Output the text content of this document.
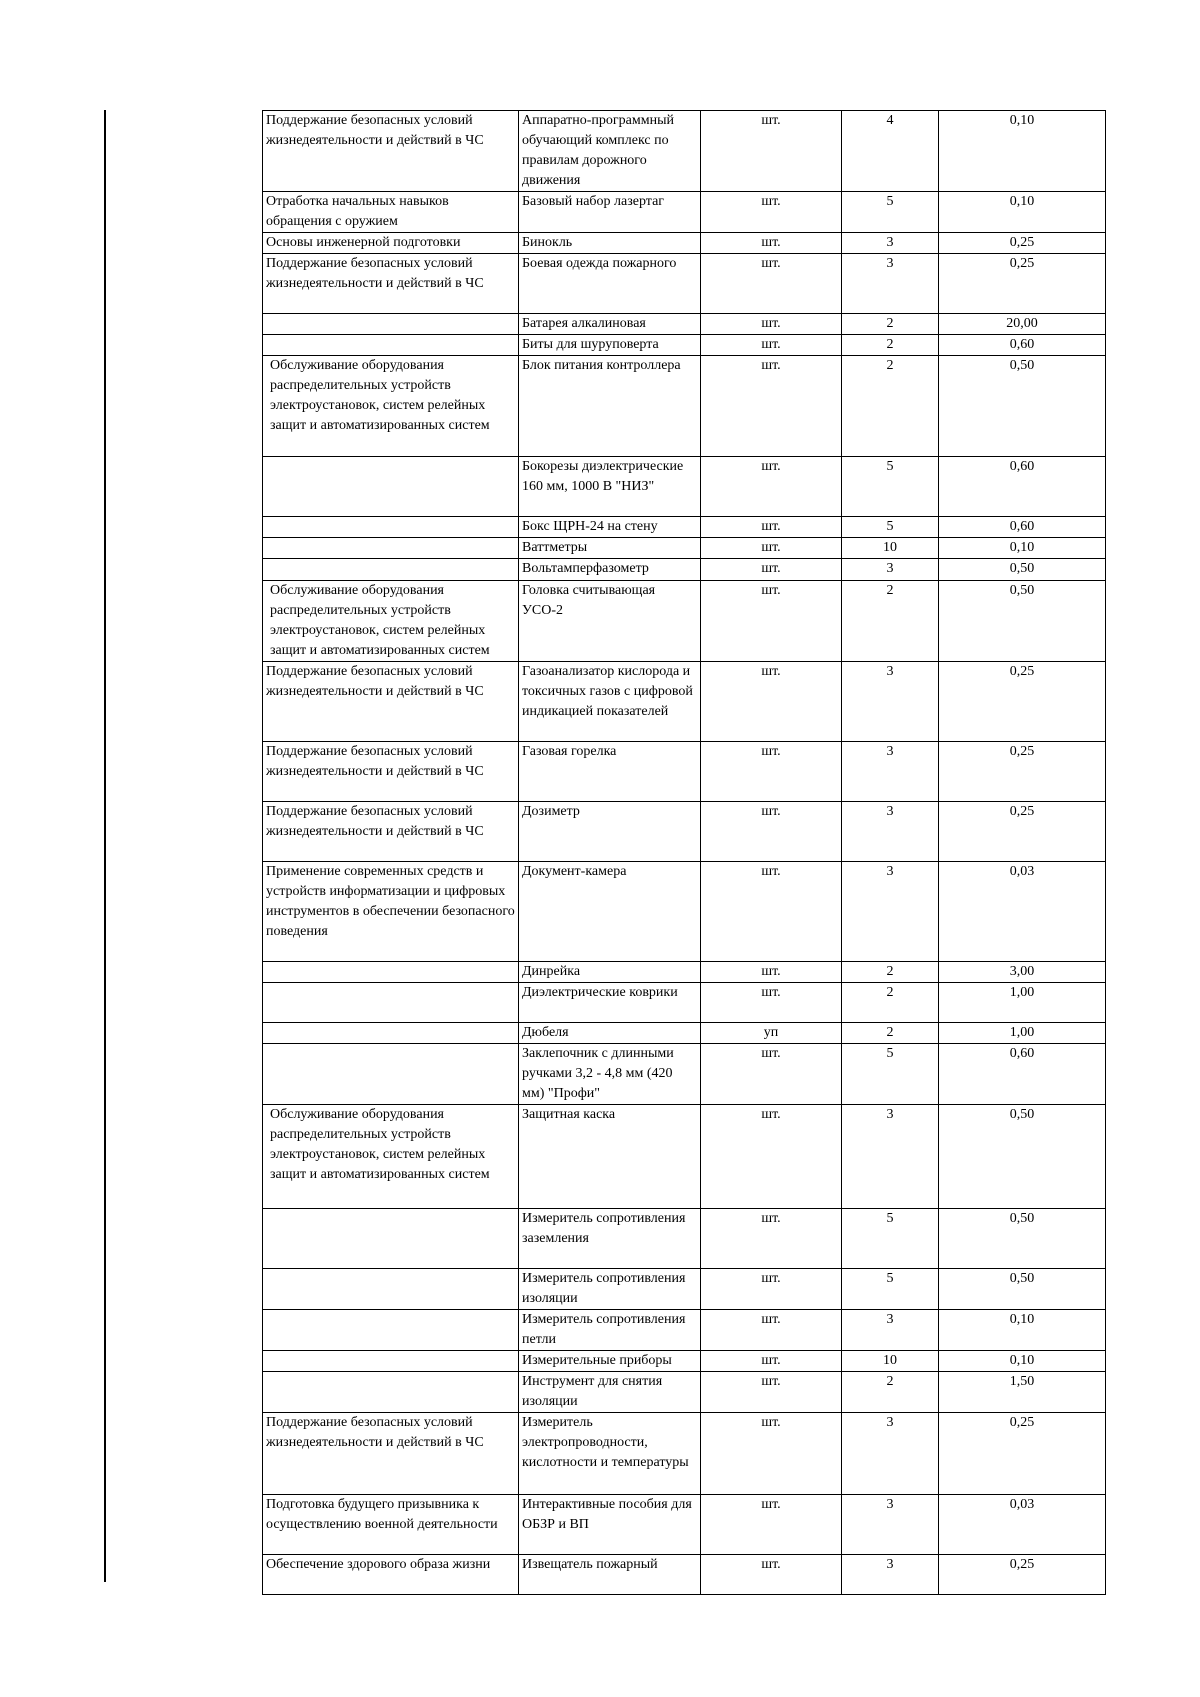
Поддержание безопасных условий жизнедеятельности и действий в ЧС	Аппаратно-программный обучающий комплекс по правилам дорожного движения	шт.	4	0,10
Отработка начальных навыков обращения с оружием	Базовый набор лазертаг	шт.	5	0,10
Основы инженерной подготовки	Бинокль	шт.	3	0,25
Поддержание безопасных условий жизнедеятельности и действий в ЧС	Боевая одежда пожарного	шт.	3	0,25
	Батарея алкалиновая	шт.	2	20,00
	Биты для шуруповерта	шт.	2	0,60
Обслуживание оборудования распределительных устройств электроустановок, систем релейных защит и автоматизированных систем	Блок питания контроллера	шт.	2	0,50
	Бокорезы диэлектрические 160 мм, 1000 В "НИЗ"	шт.	5	0,60
	Бокс ЩРН-24 на стену	шт.	5	0,60
	Ваттметры	шт.	10	0,10
	Вольтамперфазометр	шт.	3	0,50
Обслуживание оборудования распределительных устройств электроустановок, систем релейных защит и автоматизированных систем	Головка считывающая УСО-2	шт.	2	0,50
Поддержание безопасных условий жизнедеятельности и действий в ЧС	Газоанализатор кислорода и токсичных газов с цифровой индикацией показателей	шт.	3	0,25
Поддержание безопасных условий жизнедеятельности и действий в ЧС	Газовая горелка	шт.	3	0,25
Поддержание безопасных условий жизнедеятельности и действий в ЧС	Дозиметр	шт.	3	0,25
Применение современных средств и устройств информатизации и цифровых инструментов в обеспечении безопасного поведения	Документ-камера	шт.	3	0,03
	Динрейка	шт.	2	3,00
	Диэлектрические коврики	шт.	2	1,00
	Дюбеля	уп	2	1,00
	Заклепочник с длинными ручками 3,2 - 4,8 мм (420 мм) "Профи"	шт.	5	0,60
Обслуживание оборудования распределительных устройств электроустановок, систем релейных защит и автоматизированных систем	Защитная каска	шт.	3	0,50
	Измеритель сопротивления заземления	шт.	5	0,50
	Измеритель сопротивления изоляции	шт.	5	0,50
	Измеритель сопротивления петли	шт.	3	0,10
	Измерительные приборы	шт.	10	0,10
	Инструмент для снятия изоляции	шт.	2	1,50
Поддержание безопасных условий жизнедеятельности и действий в ЧС	Измеритель электропроводности, кислотности и температуры	шт.	3	0,25
Подготовка будущего призывника к осуществлению военной деятельности	Интерактивные пособия для ОБЗР и ВП	шт.	3	0,03
Обеспечение здорового образа жизни	Извещатель пожарный	шт.	3	0,25
